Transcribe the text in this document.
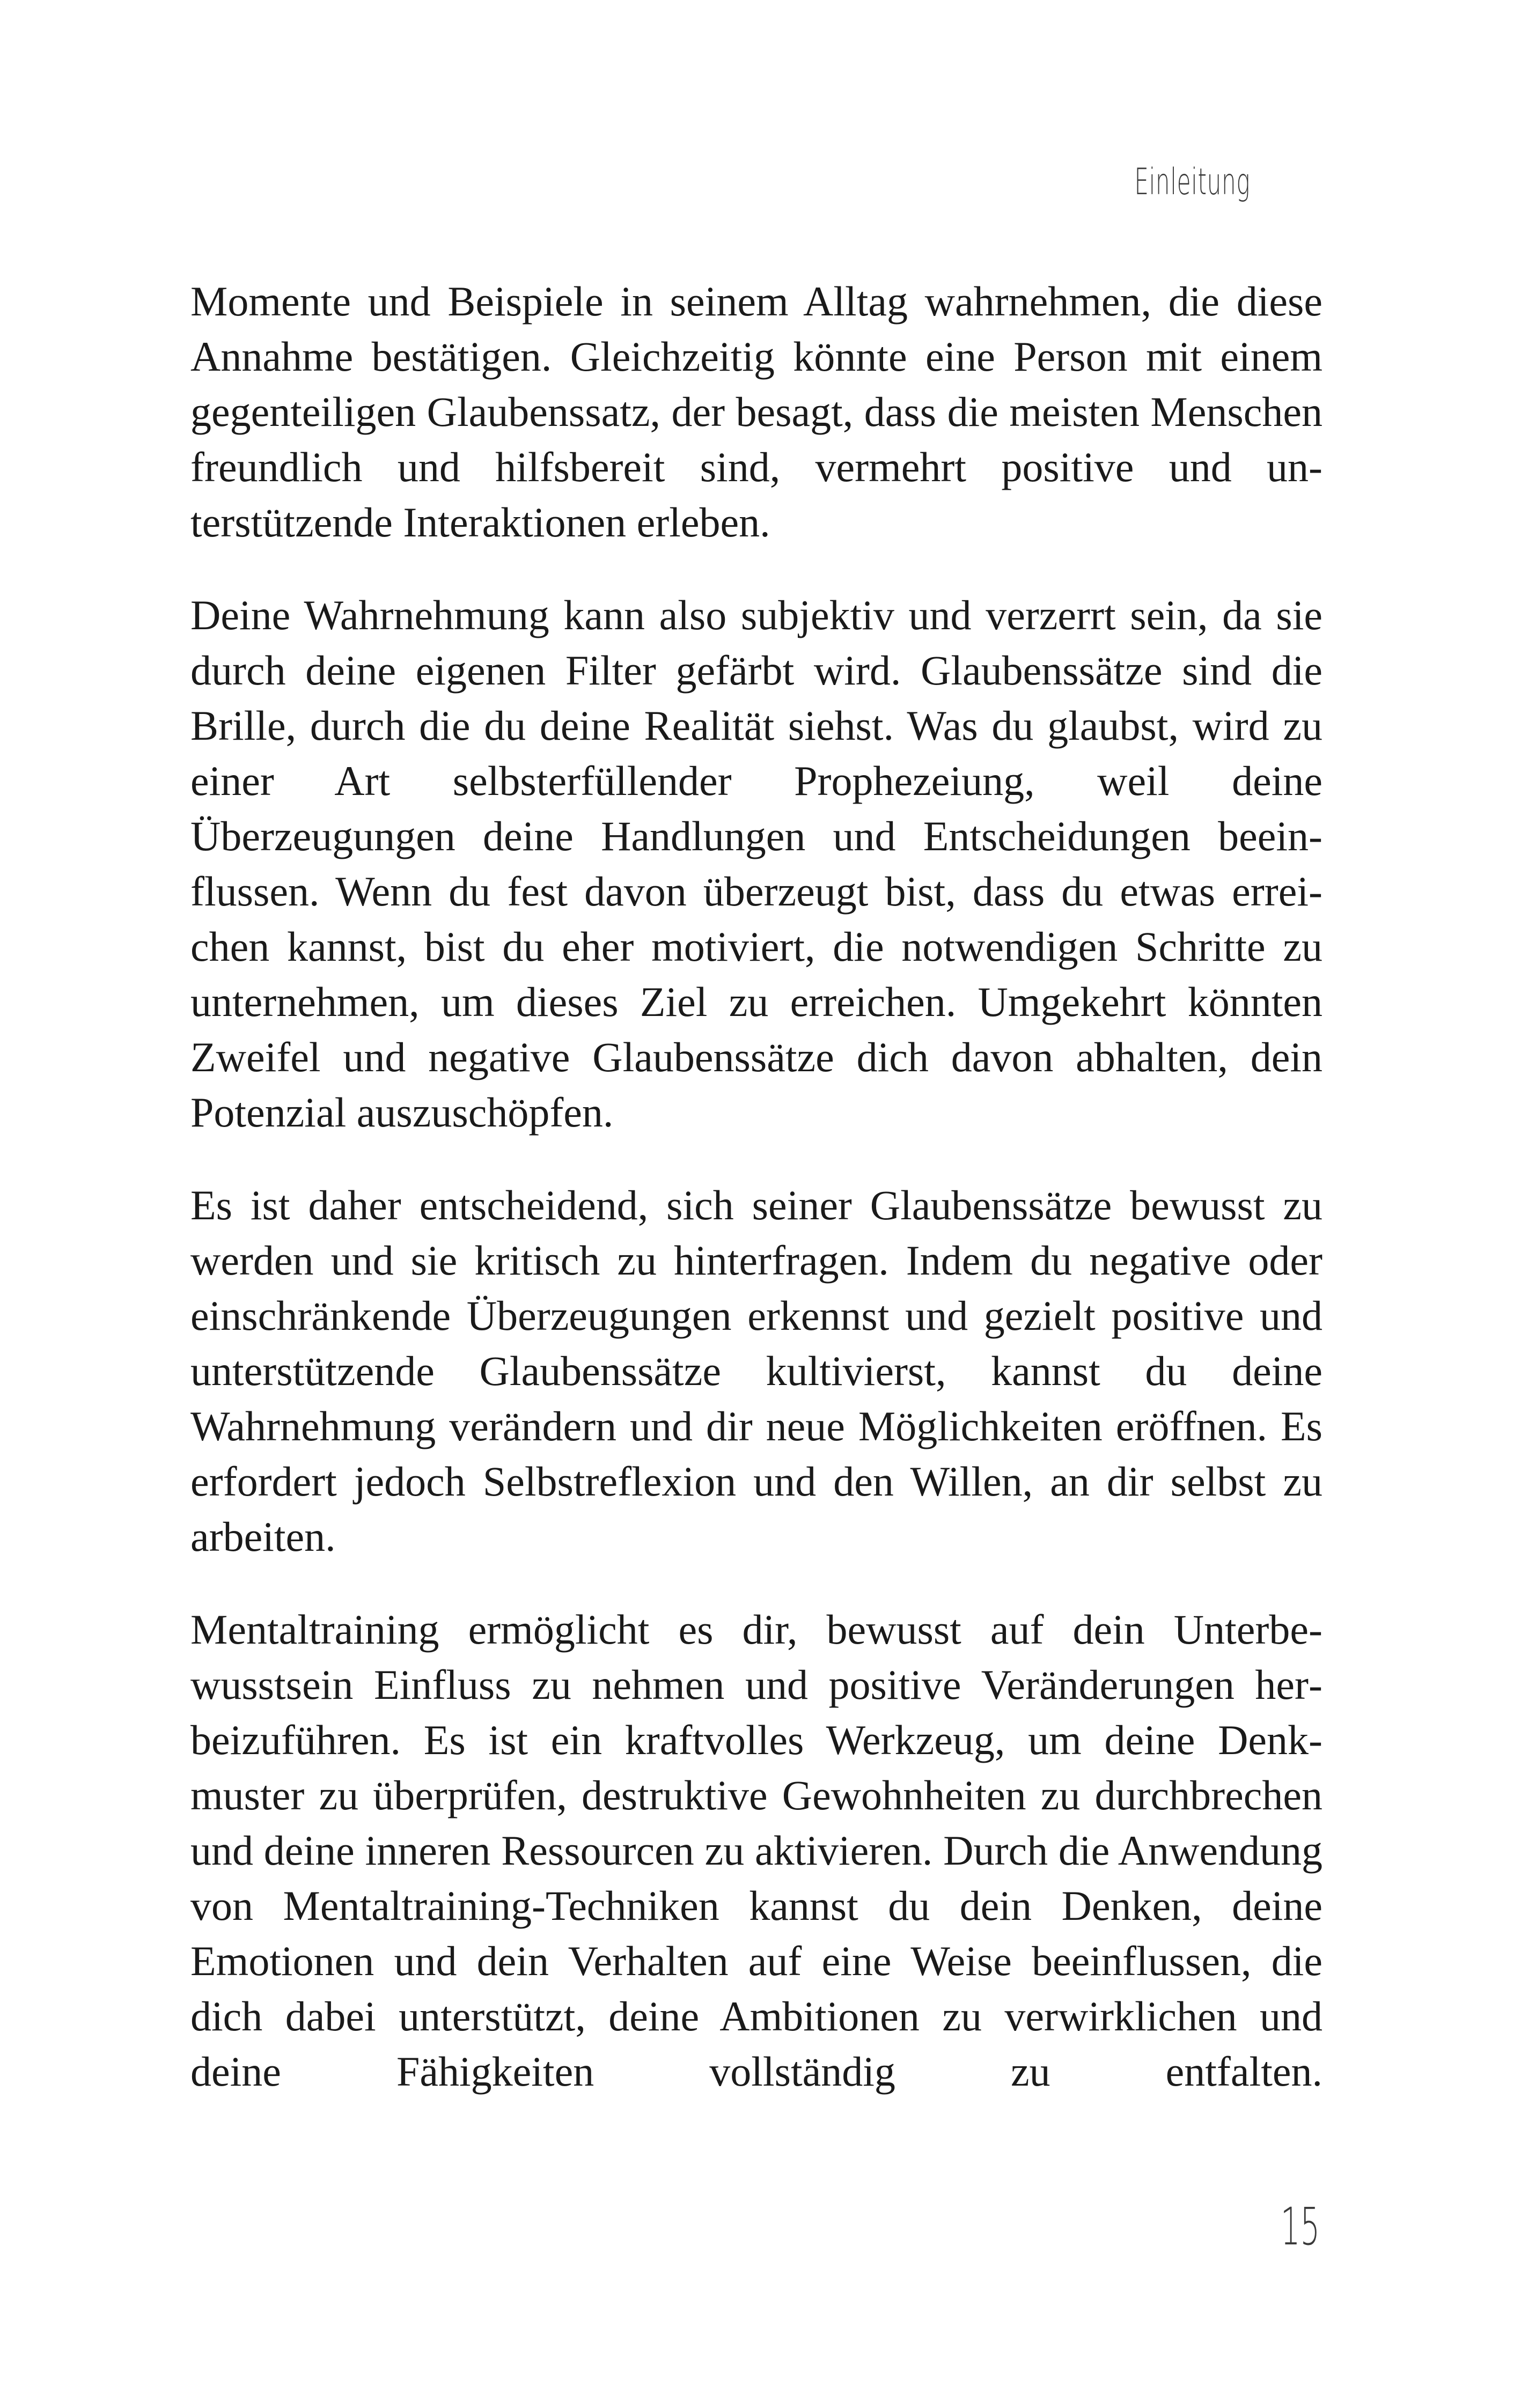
Einleitung

Momente und Beispiele in seinem Alltag wahrnehmen, die diese Annahme bestätigen. Gleichzeitig könnte eine Person mit einem gegenteiligen Glaubenssatz, der besagt, dass die meisten Menschen freundlich und hilfsbereit sind, vermehrt positive und unterstützende Interaktionen erleben.

Deine Wahrnehmung kann also subjektiv und verzerrt sein, da sie durch deine eigenen Filter gefärbt wird. Glaubenssätze sind die Brille, durch die du deine Realität siehst. Was du glaubst, wird zu einer Art selbsterfüllender Prophezeiung, weil deine Überzeugungen deine Handlungen und Entscheidungen beeinflussen. Wenn du fest davon überzeugt bist, dass du etwas erreichen kannst, bist du eher motiviert, die notwendigen Schritte zu unternehmen, um dieses Ziel zu erreichen. Umgekehrt könnten Zweifel und negative Glaubenssätze dich davon abhalten, dein Potenzial auszuschöpfen.

Es ist daher entscheidend, sich seiner Glaubenssätze bewusst zu werden und sie kritisch zu hinterfragen. Indem du negative oder einschränkende Überzeugungen erkennst und gezielt positive und unterstützende Glaubenssätze kultivierst, kannst du deine Wahrnehmung verändern und dir neue Möglichkeiten eröffnen. Es erfordert jedoch Selbstreflexion und den Willen, an dir selbst zu arbeiten.

Mentaltraining ermöglicht es dir, bewusst auf dein Unterbewusstsein Einfluss zu nehmen und positive Veränderungen herbeizuführen. Es ist ein kraftvolles Werkzeug, um deine Denkmuster zu überprüfen, destruktive Gewohnheiten zu durchbrechen und deine inneren Ressourcen zu aktivieren. Durch die Anwendung von Mentaltraining-Techniken kannst du dein Denken, deine Emotionen und dein Verhalten auf eine Weise beeinflussen, die dich dabei unterstützt, deine Ambitionen zu verwirklichen und deine Fähigkeiten vollständig zu entfalten.

15
